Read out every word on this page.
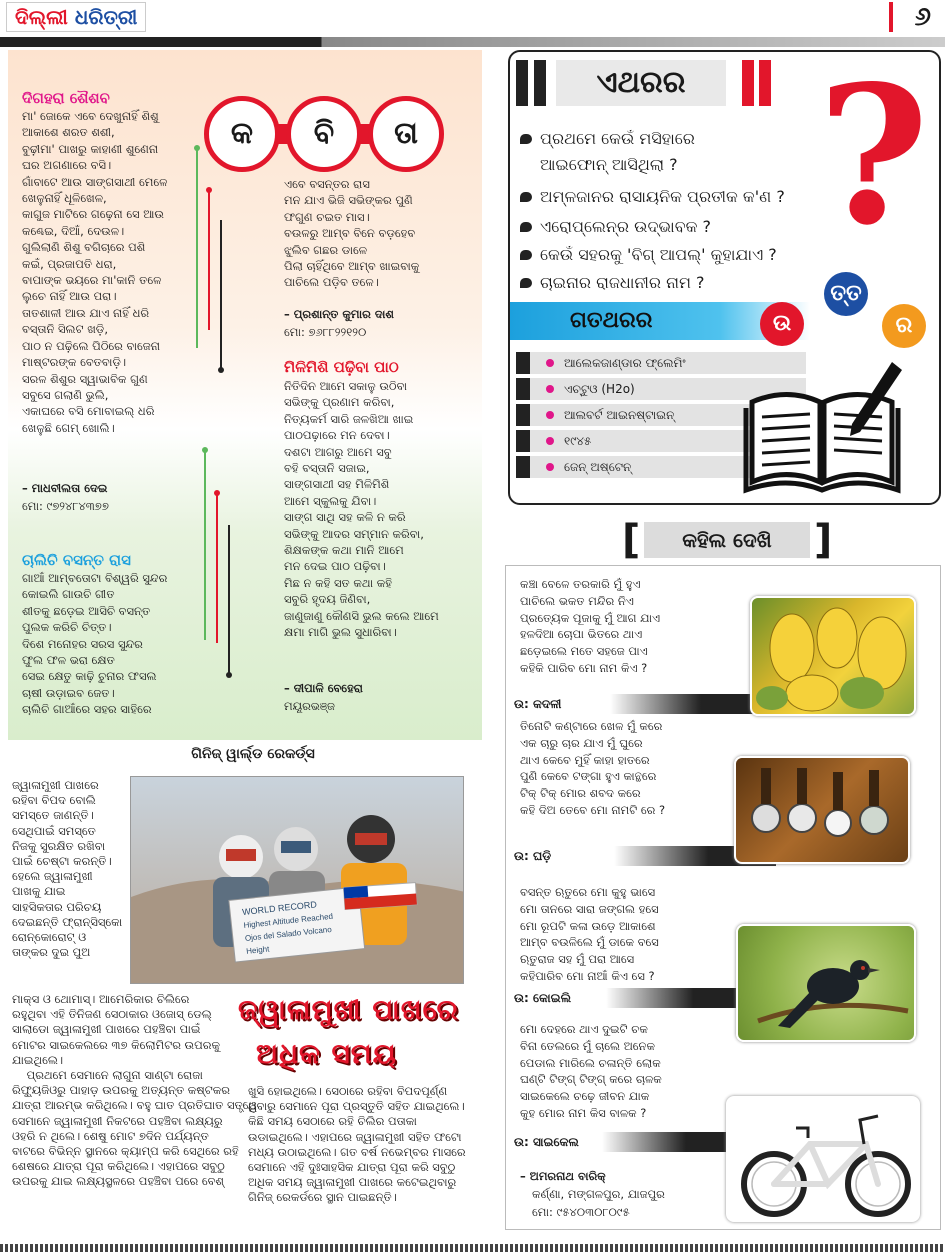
ଦିଲ୍ଲୀ ଧରିତ୍ରୀ	୬
କ	ବି	ତା
ଦିଗହରା ଶୈଶବ
ମା' ଜୋକେ ଏବେ ଦେଖୁନାହିଁ ଶିଶୁ
ଆକାଶେ ଶରତ ଶଶୀ,
ବୁଢ଼ୀମା' ପାଖରୁ କାହାଣୀ ଶୁଣେନା
ଘର ଅଗଣାରେ ବସି।
ଗାଁବାଟେ ଆଉ ସାଙ୍ଗସାଥୀ ମେଳେ
ଖେଳୁନାହିଁ ଧୂଳିଖେଳ,
କାଗୁଜ ମାଟିରେ ଗଢ଼େନା ସେ ଆଉ
କଣ୍ଢେଇ, ଦିଆଁ, ଦେଉଳ।
ଗୁଲିଲାଣି ଶିଶୁ ବଗିଚାରେ ପଶି
କଇଁ, ପ୍ରଜାପତି ଧରା,
ବାପାଙ୍କ ଭୟରେ ମା'କାନି ତଳେ
ଲୁଚେ ନାହିଁ ଆଉ ପରା।
ତାତଶାଳୀ ଆଉ ଯାଏ ନାହିଁ ଧରି
ବସ୍ତାନି ସିଲଟ ଖଡ଼ି,
ପାଠ ନ ପଢ଼ିଲେ ପିଠିରେ ବାଜେନା
ମାଷ୍ଟରଙ୍କ ବେତବାଡ଼ି।
ସରଳ ଶିଶୁର ସ୍ୱାଭାବିକ ଗୁଣ
ସବୁସେ ଗଲାଣି ଭୁଲି,
ଏକାଘରେ ବସି ମୋବାଇଲ୍ ଧରି
ଖେଳୁଛି ଗେମ୍ ଖୋଲି।
– ମାଧବୀଲତା ଦେଇ
ମୋ: ୯୭୨୪୮୪୩୭୭
ଚାଲିଚି ବସନ୍ତ ରାସ
ଗାଆଁ ଆମ୍ବତୋଟା ବିଶ୍ୱରି ସୁନ୍ଦର
କୋଇଲି ଗାଉଚି ଗୀତ
ଶୀତକୁ ଛଡ଼େଇ ଆସିଚି ବସନ୍ତ
ପୁଲକ କରିଚି ଚିତ୍ତ।
ଦିଶେ ମନୋହର ସରସ ସୁନ୍ଦର
ଫୁଲ ଫଳ ଭରା କ୍ଷେତ
ସେଇ କ୍ଷେତୁ କାଢ଼ି ଚୁନାର ଫସଲ
ଚାଷୀ ଉଡ଼ାଇବ ଜେତ।
ଚାଲିଚି ଗାଆଁରେ ସହର ସାହିରେ
ଏବେ ବସନ୍ତର ରାସ
ମନ ଯାଏ ଭିଜି ସଭିଙ୍କର ପୁଣି
ଫଗୁଣ ଚଇତ ମାସ।
ବଉଳରୁ ଆମ୍ବ ବିନେ ବଡ଼ହେବ
ଝୁଲିବ ଗଛର ଡାଳେ
ପିଲା ଚାହିଁଥିବେ ଆମ୍ବ ଖାଇବାକୁ
ପାଚିଲେ ପଡ଼ିବ ତଳେ।
– ପ୍ରଶାନ୍ତ କୁମାର ଦାଶ
ମୋ: ୭୬୮୮୨୨୧୨୦
ମିଳିମିଶି ପଢ଼ିବା ପାଠ
ନିତିଦିନ ଆମେ ସକାଳୁ ଉଠିବା
ସଭିଙ୍କୁ ପ୍ରଣାମ କରିବା,
ନିତ୍ୟକର୍ମ ସାରି ଜଳଖିଆ ଖାଇ
ପାଠପଢ଼ାରେ ମନ ଦେବା।
ଦଶଟା ଆଗରୁ ଆମେ ସବୁ
ବହି ବସ୍ତାନି ସଜାଇ,
ସାଙ୍ଗସାଥୀ ସହ ମିଳିମିଶି
ଆମେ ସ୍କୁଲକୁ ଯିବା।
ସାଙ୍ଗ ସାଥି ସହ କଳି ନ କରି
ସଭିଙ୍କୁ ଆଦର ସମ୍ମାନ କରିବା,
ଶିକ୍ଷକଙ୍କ କଥା ମାନି ଆମେ
ମନ ଦେଇ ପାଠ ପଢ଼ିବା।
ମିଛ ନ କହି ସତ କଥା କହି
ସବୁରି ହୃଦୟ ଜିଣିବା,
ଜାଣୁଜାଣୁ କୌଣସି ଭୁଲ କଲେ ଆମେ
କ୍ଷମା ମାଗି ଭୁଲ ସୁଧାରିବା।
– ଦୀପାଳି ବେହେରା
ମୟୂରଭଞ୍ଜ
ଏଥରର ?
ପ୍ରଥମେ କେଉଁ ମସିହାରେ
ଆଇଫୋନ୍ ଆସିଥିଲା ?
ଅମ୍ଳଜାନର ରାସାୟନିକ ପ୍ରତୀକ କ'ଣ ?
ଏରୋପ୍ଲେନ୍‌ର ଉଦ୍ଭାବକ ?
କେଉଁ ସହରକୁ 'ବିଗ୍ ଆପଲ୍' କୁହାଯାଏ ?
ଚାଇନାର ରାଜଧାନୀର ନାମ ?
ଗତଥରର	ଉ
ତ୍ତ
ର
ଆଲେକଜାଣ୍ଡାର ଫ୍ଲେମିଂ
ଏଚ୍‌ଟୁଓ (H2o)
ଆଲବର୍ଟ ଆଇନଷ୍ଟାଇନ୍
୧୯୪୫
ଜେନ୍ ଅଷ୍ଟେନ୍
[	କହିଲ ଦେଖି	]
କଞ୍ଚା ବେଳେ ତରକାରି ମୁଁ ହୁଏ
ପାଚିଲେ ଭକତ ମନ୍ଦିର ନିଏ
ପ୍ରତ୍ୟେକ ପୂଜାକୁ ମୁଁ ଆଗ ଯାଏ
ହଳଦିଆ ଚୋପା ଭିତରେ ଥାଏ
ଛଡ଼େଇଲେ ମତେ ସହଜେ ପାଏ
କହିକି ପାରିବ ମୋ ନାମ କିଏ ?
ଉ: କଦଳୀ
ତିନୋଟି କଣ୍ଟାରେ ଖେଳ ମୁଁ କରେ
ଏକ ଚାରୁ ଚାର ଯାଏ ମୁଁ ଘୁରେ
ଥାଏ କେବେ ମୁହିଁ କାହା ହାତରେ
ପୁଣି କେବେ ଟଙ୍ଗା ହୁଏ କାନ୍ଥରେ
ଟିକ୍ ଟିକ୍ ମୋର ଶବଦ କରେ
କହି ଦିଅ ତେବେ ମୋ ନାମଟି ରେ ?
ଉ: ଘଡ଼ି
ବସନ୍ତ ଋତୁରେ ମୋ କୁହୁ ଭାସେ
ମୋ ତାନରେ ସାରା ଜଙ୍ଗଲ ହସେ
ମୋ ରୂପଟି କଳା ଉଡ଼େ ଆକାଶେ
ଆମ୍ବ ବଉଳିଲେ ମୁଁ ଡାକେ ବସେ
ଋତୁରାଜ ସହ ମୁଁ ପରା ଆସେ
କହିପାରିବ ମୋ ନାଆଁ କିଏ ସେ ?
ଉ: କୋଇଲି
ମୋ ଦେହରେ ଥାଏ ଦୁଇଟି ଚକ
ବିନା ତେଲରେ ମୁଁ ଚାଲେ ଅନେକ
ପେଡାଲ ମାରିଲେ ଚଳାନ୍ତି ଲୋକ
ଘଣ୍ଟି ଟିଙ୍ଗ୍ ଟିଙ୍ଗ୍ କରେ ଚାଳକ
ସାଇକେଲେ ଚଢ଼େ ଜୀବନ ଯାକ
କୁହ ମୋର ନାମ କିସ ବାଳକ ?
ଉ: ସାଇକେଲ
– ଅମରନାଥ ବାରିକ୍
କର୍ଣ୍ଣା, ମଙ୍ଗଳପୁର, ଯାଜପୁର
ମୋ: ୯୫୪୦୩୦୮୦୯୫
ଗିନିଜ୍ ୱାର୍ଲ୍ଡ ରେକର୍ଡ୍ସ
ଜ୍ୱାଳାମୁଖୀ ପାଖରେ
ରହିବା ବିପଦ ବୋଲି
ସମସ୍ତେ ଜାଣନ୍ତି।
ସେଥିପାଇଁ ସମସ୍ତେ
ନିଜକୁ ସୁରକ୍ଷିତ ରଖିବା
ପାଇଁ ଚେଷ୍ଟା କରନ୍ତି।
ହେଲେ ଜ୍ୱାଳାମୁଖୀ
ପାଖକୁ ଯାଇ
ସାହସିକତାର ପରିଚୟ
ଦେଇଛନ୍ତି ଫ୍ରାନ୍ସିସ୍‌କୋ
ରୋନ୍‌କୋରୋଟ୍ ଓ
ତାଙ୍କର ଦୁଇ ପୁଅ
WORLD RECORD
Highest Altitude Reached
Ojos del Salado Volcano
Height
ମାକ୍ସ ଓ ଥୋମାସ୍। ଆମେରିକାର ଚିଲିରେ
ରହୁଥିବା ଏହି ତିନିଜଣ ସେଠାକାର ଓଜୋସ୍ ଡେଲ୍
ସାଲାଡୋ ଜ୍ୱାଳାମୁଖୀ ପାଖରେ ପହଞ୍ଚିବା ପାଇଁ
ମୋଟର ସାଇକେଲରେ ୩୭ କିଲୋମିଟର ଉପରକୁ
ଯାଇଥିଲେ।
ପ୍ରଥମେ ସେମାନେ ଲାଗୁନା ସାଣ୍ଟା ରୋଜା
ରିଫ୍ୟୁଜିଓରୁ ପାହାଡ଼ ଉପରକୁ ଅତ୍ୟନ୍ତ କଷ୍ଟକର
ଯାତ୍ରା ଆରମ୍ଭ କରିଥିଲେ। ବହୁ ଘାତ ପ୍ରତିଘାତ ସତ୍ତ୍ୱେ
ସେମାନେ ଜ୍ୱାଳାମୁଖୀ ନିକଟରେ ପହଞ୍ଚିବା ଲକ୍ଷ୍ୟରୁ
ଓହରି ନ ଥିଲେ। ଶେଷୁ ମୋଟ ୭ଦିନ ପର୍ଯ୍ୟନ୍ତ
ବାଟରେ ବିଭିନ୍ନ ସ୍ଥାନରେ କ୍ୟାମ୍ପ କରି ସେଥିରେ ରହି
ଶେଷରେ ଯାତ୍ରା ପୂରା କରିଥିଲେ। ଏହାପରେ ସବୁଠୁ
ଉପରକୁ ଯାଇ ଲକ୍ଷ୍ୟସ୍ଥଳରେ ପହଞ୍ଚିବା ପରେ ବେଶ୍
ଜ୍ୱାଳାମୁଖୀ ପାଖରେ
ଅଧିକ ସମୟ
ଖୁସି ହୋଇଥିଲେ। ସେଠାରେ ରହିବା ବିପଦପୂର୍ଣ୍ଣ
ଥିବାରୁ ସେମାନେ ପୂରା ପ୍ରସ୍ତୁତି ସହିତ ଯାଇଥିଲେ।
କିଛି ସମୟ ସେଠାରେ ରହି ଚିଲିର ପତାକା
ଉଡାଇଥିଲେ। ଏହାପରେ ଜ୍ୱାଳାମୁଖୀ ସହିତ ଫଟୋ
ମଧ୍ୟ ଉଠାଇଥିଲେ। ଗତ ବର୍ଷ ନଭେମ୍ବର ମାସରେ
ସେମାନେ ଏହି ଦୁଃସାହସିକ ଯାତ୍ରା ପୂରା କରି ସବୁଠୁ
ଅଧିକ ସମୟ ଜ୍ୱାଳାମୁଖୀ ପାଖରେ କଟେଇଥିବାରୁ
ଗିନିଜ୍ ରେକର୍ଡରେ ସ୍ଥାନ ପାଇଛନ୍ତି।
